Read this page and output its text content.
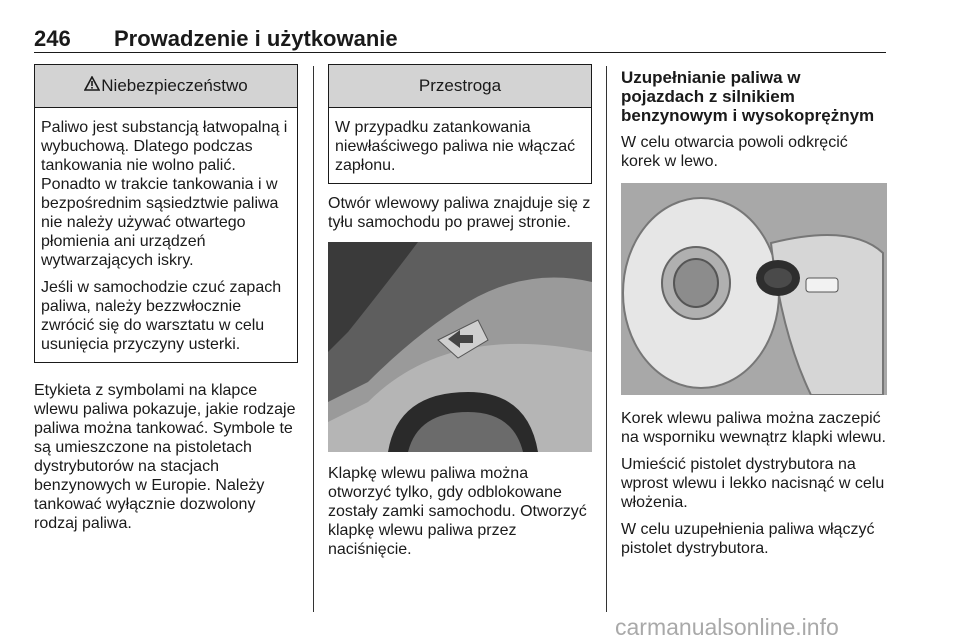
246 Prowadzenie i użytkowanie
Niebezpieczeństwo

Paliwo jest substancją łatwopalną i wybuchową. Dlatego podczas tankowania nie wolno palić. Ponadto w trakcie tankowania i w bezpośrednim sąsiedztwie paliwa nie należy używać otwartego płomienia ani urządzeń wytwarzających iskry.

Jeśli w samochodzie czuć zapach paliwa, należy bezzwłocznie zwrócić się do warsztatu w celu usunięcia przyczyny usterki.

Etykieta z symbolami na klapce wlewu paliwa pokazuje, jakie rodzaje paliwa można tankować. Symbole te są umieszczone na pistoletach dystrybutorów na stacjach benzynowych w Europie. Należy tankować wyłącznie dozwolony rodzaj paliwa.

Przestroga

W przypadku zatankowania niewłaściwego paliwa nie włączać zapłonu.

Otwór wlewowy paliwa znajduje się z tyłu samochodu po prawej stronie.

Klapkę wlewu paliwa można otworzyć tylko, gdy odblokowane zostały zamki samochodu. Otworzyć klapkę wlewu paliwa przez naciśnięcie.

Uzupełnianie paliwa w pojazdach z silnikiem benzynowym i wysokoprężnym

W celu otwarcia powoli odkręcić korek w lewo.

Korek wlewu paliwa można zaczepić na wsporniku wewnątrz klapki wlewu.

Umieścić pistolet dystrybutora na wprost wlewu i lekko nacisnąć w celu włożenia.

W celu uzupełnienia paliwa włączyć pistolet dystrybutora.

carmanualsonline.info
